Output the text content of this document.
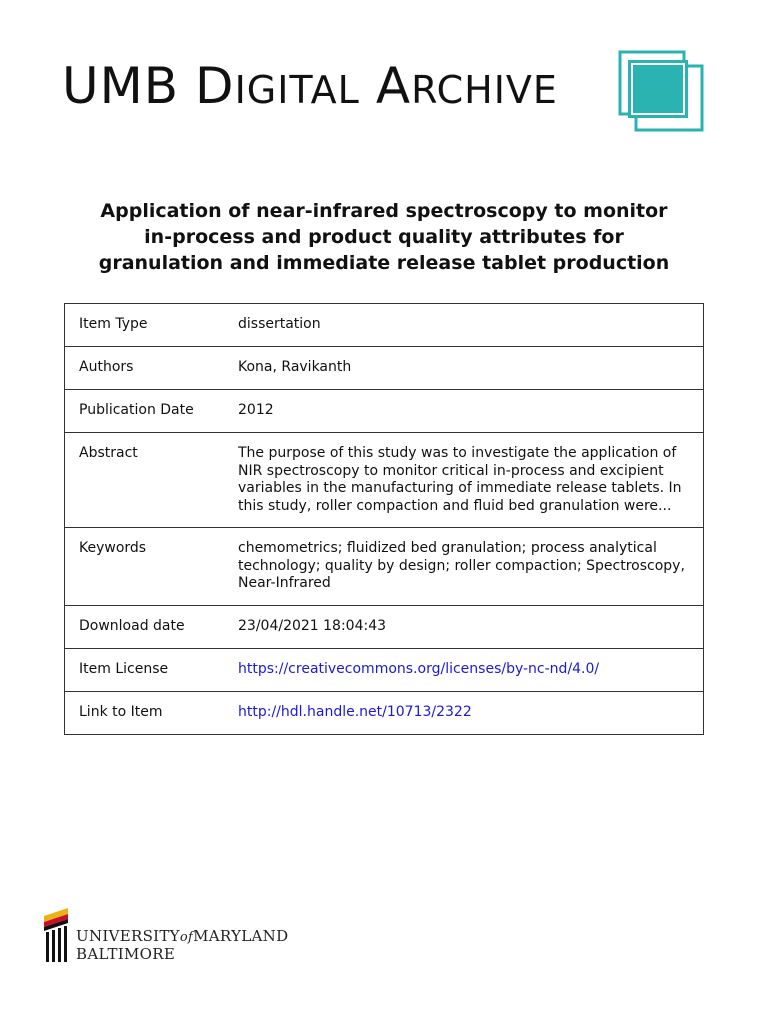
UMB D IGITAL A RCHIVE
Application of near-infrared spectroscopy to monitor
in-process and product quality attributes for
granulation and immediate release tablet production
Item Type	dissertation
Authors	Kona, Ravikanth
Publication Date	2012
Abstract	The purpose of this study was to investigate the application of NIR spectroscopy to monitor critical in-process and excipient variables in the manufacturing of immediate release tablets. In this study, roller compaction and fluid bed granulation were...
Keywords	chemometrics; fluidized bed granulation; process analytical technology; quality by design; roller compaction; Spectroscopy, Near-Infrared
Download date	23/04/2021 18:04:43
Item License	https://creativecommons.org/licenses/by-nc-nd/4.0/
Link to Item	http://hdl.handle.net/10713/2322
UNIVERSITYofMARYLAND
BALTIMORE
